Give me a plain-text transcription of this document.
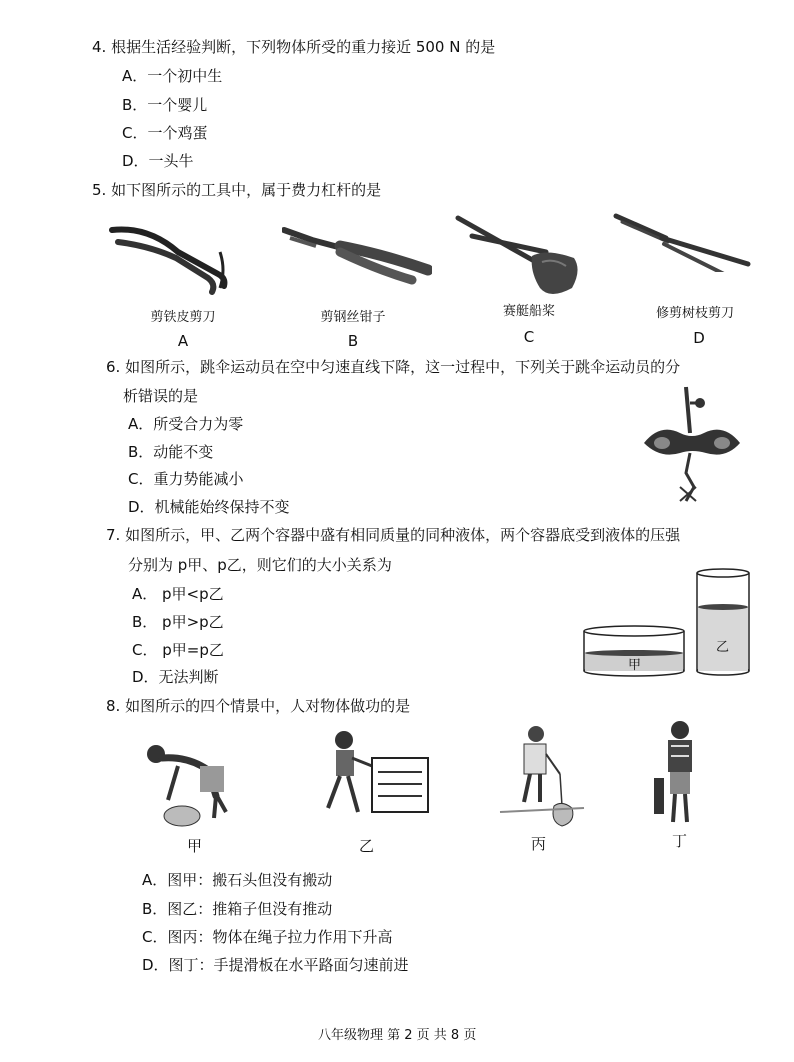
4. 根据生活经验判断，下列物体所受的重力接近 500 N 的是
A．一个初中生
B．一个婴儿
C．一个鸡蛋
D．一头牛
5. 如下图所示的工具中，属于费力杠杆的是
剪铁皮剪刀	剪钢丝钳子	赛艇船桨	修剪树枝剪刀
A	B	C	D
6. 如图所示，跳伞运动员在空中匀速直线下降，这一过程中，下列关于跳伞运动员的分
析错误的是
A．所受合力为零
B．动能不变
C．重力势能减小
D．机械能始终保持不变
7. 如图所示，甲、乙两个容器中盛有相同质量的同种液体，两个容器底受到液体的压强
分别为 p甲、p乙，则它们的大小关系为
A． p甲<p乙
B． p甲>p乙
C． p甲=p乙
D．无法判断
甲
乙
8. 如图所示的四个情景中，人对物体做功的是
甲	乙	丙	丁
A．图甲：搬石头但没有搬动
B．图乙：推箱子但没有推动
C．图丙：物体在绳子拉力作用下升高
D．图丁：手提滑板在水平路面匀速前进
八年级物理 第 2 页 共 8 页
